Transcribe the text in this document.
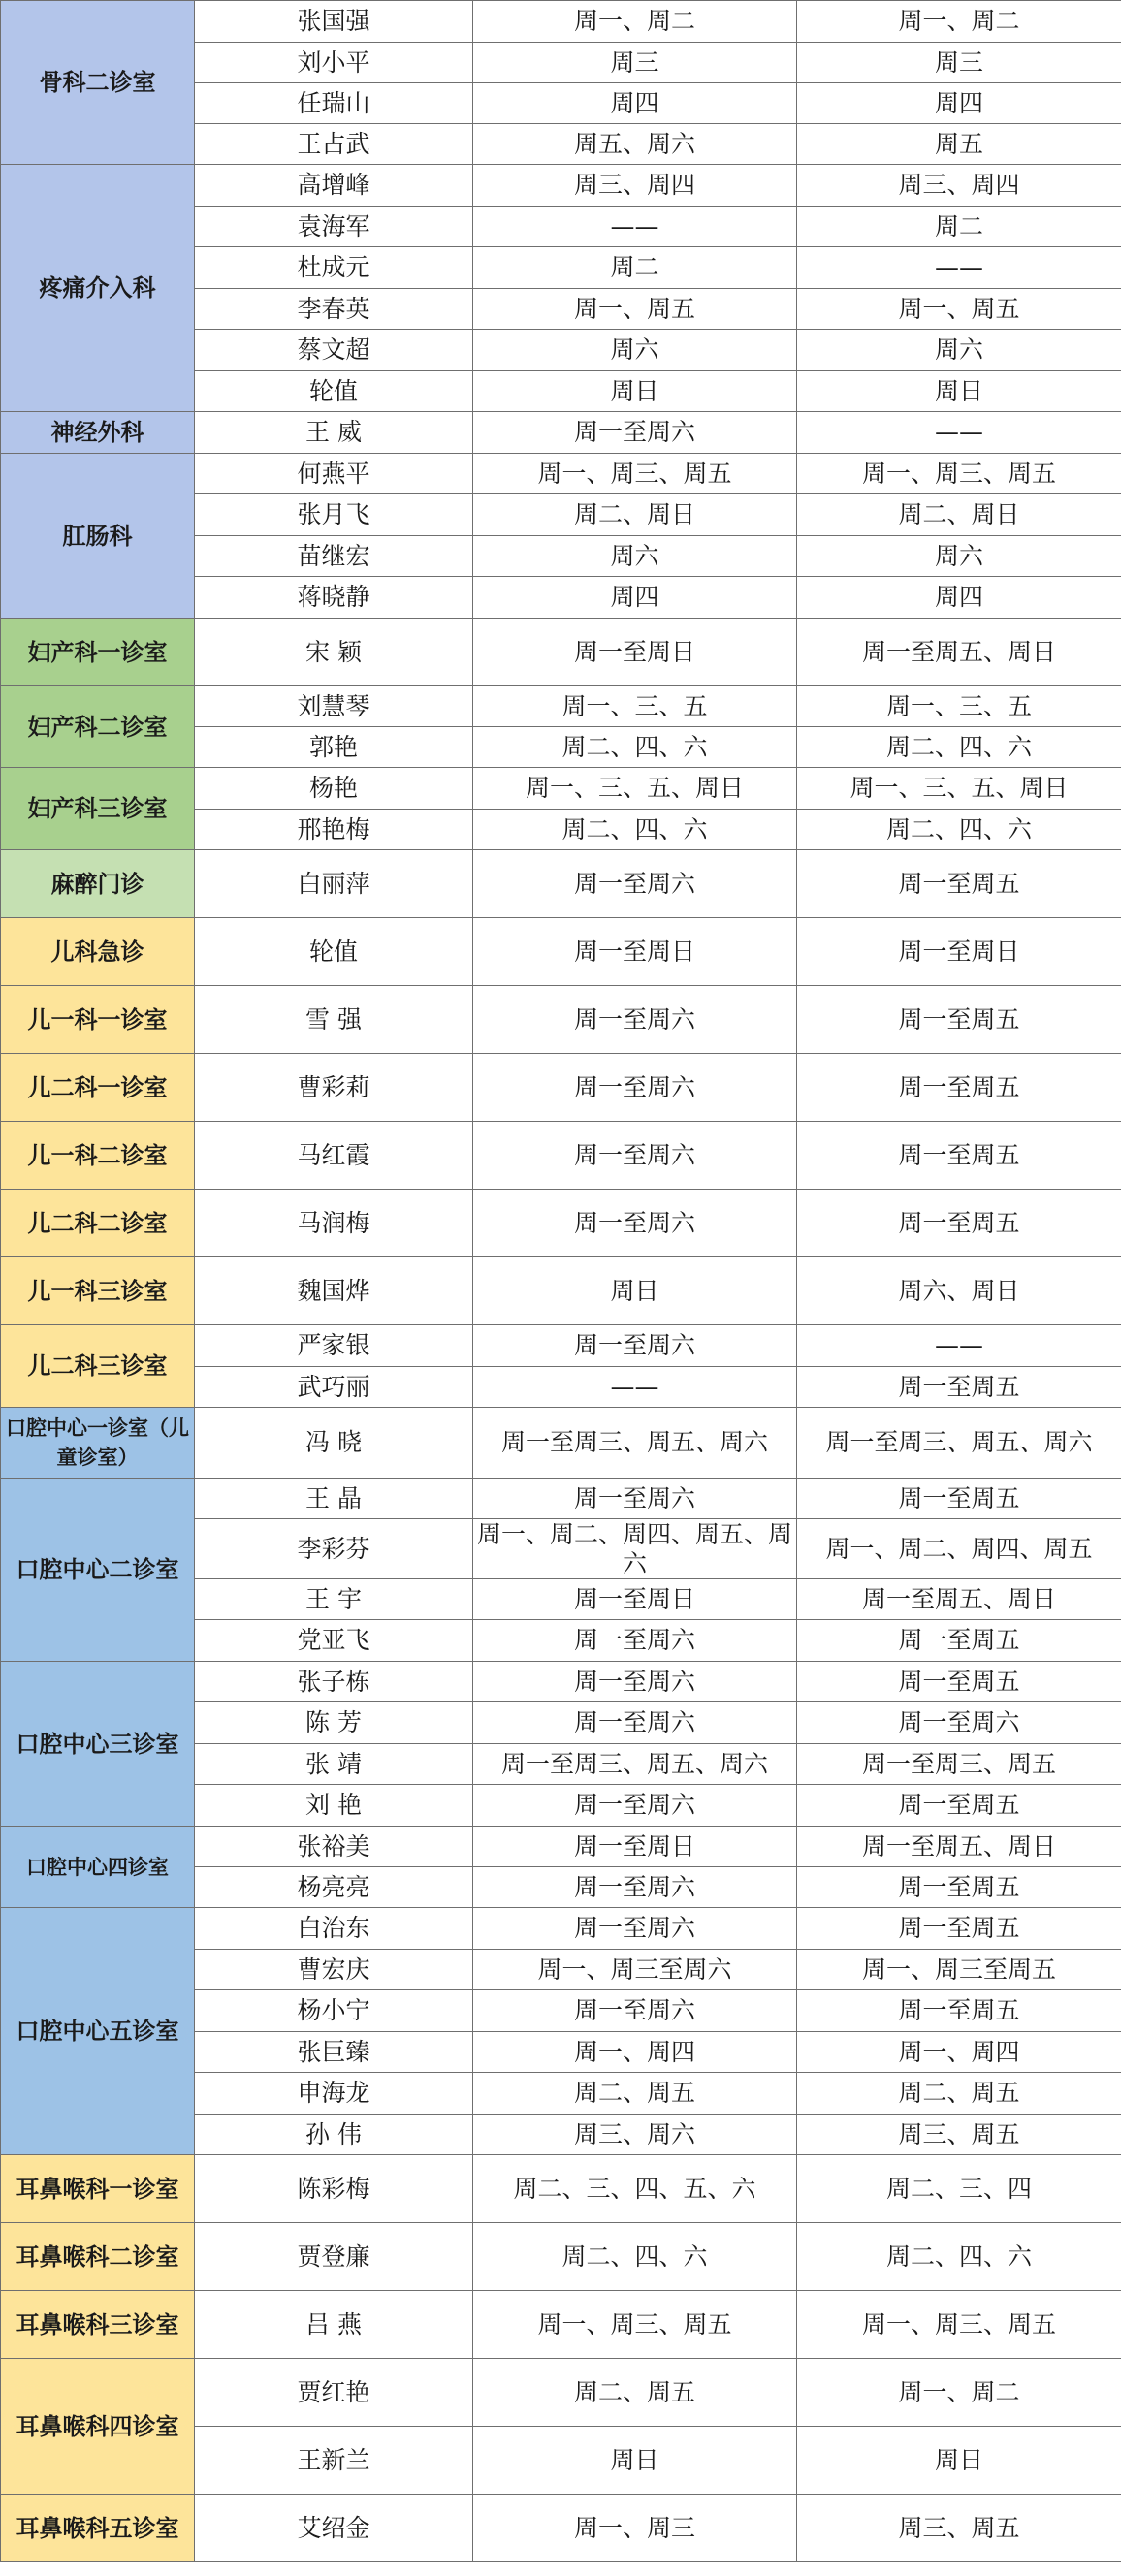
骨科二诊室	张国强	周一、周二	周一、周二
	刘小平	周三	周三
	任瑞山	周四	周四
	王占武	周五、周六	周五
疼痛介入科	高增峰	周三、周四	周三、周四
	袁海军	——	周二
	杜成元	周二	——
	李春英	周一、周五	周一、周五
	蔡文超	周六	周六
	轮值	周日	周日
神经外科	王 威	周一至周六	——
肛肠科	何燕平	周一、周三、周五	周一、周三、周五
	张月飞	周二、周日	周二、周日
	苗继宏	周六	周六
	蒋晓静	周四	周四
妇产科一诊室	宋 颖	周一至周日	周一至周五、周日
妇产科二诊室	刘慧琴	周一、三、五	周一、三、五
	郭艳	周二、四、六	周二、四、六
妇产科三诊室	杨艳	周一、三、五、周日	周一、三、五、周日
	邢艳梅	周二、四、六	周二、四、六
麻醉门诊	白丽萍	周一至周六	周一至周五
儿科急诊	轮值	周一至周日	周一至周日
儿一科一诊室	雪 强	周一至周六	周一至周五
儿二科一诊室	曹彩莉	周一至周六	周一至周五
儿一科二诊室	马红霞	周一至周六	周一至周五
儿二科二诊室	马润梅	周一至周六	周一至周五
儿一科三诊室	魏国烨	周日	周六、周日
儿二科三诊室	严家银	周一至周六	——
	武巧丽	——	周一至周五
口腔中心一诊室（儿童诊室）	冯 晓	周一至周三、周五、周六	周一至周三、周五、周六
口腔中心二诊室	王 晶	周一至周六	周一至周五
	李彩芬	周一、周二、周四、周五、周六	周一、周二、周四、周五
	王 宇	周一至周日	周一至周五、周日
	党亚飞	周一至周六	周一至周五
口腔中心三诊室	张子栋	周一至周六	周一至周五
	陈 芳	周一至周六	周一至周六
	张 靖	周一至周三、周五、周六	周一至周三、周五
	刘 艳	周一至周六	周一至周五
口腔中心四诊室	张裕美	周一至周日	周一至周五、周日
	杨亮亮	周一至周六	周一至周五
口腔中心五诊室	白治东	周一至周六	周一至周五
	曹宏庆	周一、周三至周六	周一、周三至周五
	杨小宁	周一至周六	周一至周五
	张巨臻	周一、周四	周一、周四
	申海龙	周二、周五	周二、周五
	孙 伟	周三、周六	周三、周五
耳鼻喉科一诊室	陈彩梅	周二、三、四、五、六	周二、三、四
耳鼻喉科二诊室	贾登廉	周二、四、六	周二、四、六
耳鼻喉科三诊室	吕 燕	周一、周三、周五	周一、周三、周五
耳鼻喉科四诊室	贾红艳	周二、周五	周一、周二
	王新兰	周日	周日
耳鼻喉科五诊室	艾绍金	周一、周三	周三、周五
